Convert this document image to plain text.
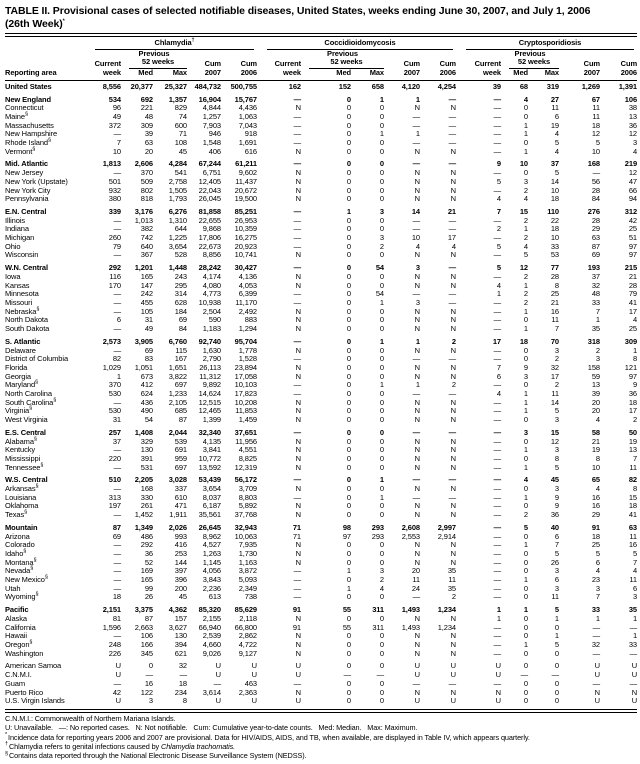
TABLE II. Provisional cases of selected notifiable diseases, United States, weeks ending June 30, 2007, and July 1, 2006
(26th Week)*

	Chlamydia†					Coccidioidomycosis					Cryptosporidiosis				

		Previous					Previous					Previous			
	Current	52 weeks		Cum	Cum	Current	52 weeks		Cum	Cum	Current	52 weeks		Cum	Cum
Reporting area	week	Med	Max	2007	2006	week	Med	Max	2007	2006	week	Med	Max	2007	2006
United States	8,556	20,377	25,327	484,732	500,755	162	152	658	4,120	4,254	39	68	319	1,269	1,391
New England	534	692	1,357	16,904	15,767	—	0	1	1	—	—	4	27	67	106
Connecticut	96	221	829	4,844	4,436	N	0	0	N	N	—	0	11	11	38
Maine§	49	48	74	1,257	1,063	—	0	0	—	—	—	0	6	11	13
Massachusetts	372	309	600	7,903	7,043	—	0	0	—	—	—	1	19	18	36
New Hampshire	—	39	71	946	918	—	0	1	1	—	—	1	4	12	12
Rhode Island§	7	63	108	1,548	1,691	—	0	0	—	—	—	0	5	5	3
Vermont§	10	20	45	406	616	N	0	0	N	N	—	1	4	10	4
Mid. Atlantic	1,813	2,606	4,284	67,244	61,211	—	0	0	—	—	9	10	37	168	219
New Jersey	—	370	541	6,751	9,602	N	0	0	N	N	—	0	5	—	12
New York (Upstate)	501	509	2,758	12,405	11,437	N	0	0	N	N	5	3	14	56	47
New York City	932	802	1,505	22,043	20,672	N	0	0	N	N	—	2	10	28	66
Pennsylvania	380	818	1,793	26,045	19,500	N	0	0	N	N	4	4	18	84	94
E.N. Central	339	3,176	6,276	81,858	85,251	—	1	3	14	21	7	15	110	276	312
Illinois	—	1,013	1,310	22,655	26,953	—	0	0	—	—	—	2	22	28	42
Indiana	—	382	644	9,868	10,359	—	0	0	—	—	2	1	18	29	25
Michigan	260	742	1,225	17,806	16,275	—	0	3	10	17	—	2	10	63	51
Ohio	79	640	3,654	22,673	20,923	—	0	2	4	4	5	4	33	87	97
Wisconsin	—	367	528	8,856	10,741	N	0	0	N	N	—	5	53	69	97
W.N. Central	292	1,201	1,448	28,242	30,427	—	0	54	3	—	5	12	77	193	215
Iowa	116	165	243	4,174	4,136	N	0	0	N	N	—	2	28	37	21
Kansas	170	147	295	4,080	4,053	N	0	0	N	N	4	1	8	32	28
Minnesota	—	242	314	4,773	6,399	—	0	54	—	—	1	2	25	48	79
Missouri	—	455	628	10,938	11,170	—	0	1	3	—	—	2	21	33	41
Nebraska§	—	105	184	2,504	2,492	N	0	0	N	N	—	1	16	7	17
North Dakota	6	31	69	590	883	N	0	0	N	N	—	0	11	1	4
South Dakota	—	49	84	1,183	1,294	N	0	0	N	N	—	1	7	35	25
S. Atlantic	2,573	3,905	6,760	92,740	95,704	—	0	1	1	2	17	18	70	318	309
Delaware	—	69	115	1,630	1,778	N	0	0	N	N	—	0	3	2	1
District of Columbia	82	83	167	2,790	1,528	—	0	0	—	—	—	0	2	3	8
Florida	1,029	1,051	1,651	26,113	23,894	N	0	0	N	N	7	9	32	158	121
Georgia	1	673	3,822	11,312	17,058	N	0	0	N	N	6	3	17	59	97
Maryland§	370	412	697	9,892	10,103	—	0	1	1	2	—	0	2	13	9
North Carolina	530	624	1,233	14,624	17,823	—	0	0	—	—	4	1	11	39	36
South Carolina§	—	436	2,105	12,515	10,208	N	0	0	N	N	—	1	14	20	18
Virginia§	530	490	685	12,465	11,853	N	0	0	N	N	—	1	5	20	17
West Virginia	31	54	87	1,399	1,459	N	0	0	N	N	—	0	3	4	2
E.S. Central	257	1,408	2,044	32,340	37,651	—	0	0	—	—	—	3	15	58	50
Alabama§	37	329	539	4,135	11,956	N	0	0	N	N	—	0	12	21	19
Kentucky	—	130	691	3,841	4,551	N	0	0	N	N	—	1	3	19	13
Mississippi	220	391	959	10,772	8,825	N	0	0	N	N	—	0	8	8	7
Tennessee§	—	531	697	13,592	12,319	N	0	0	N	N	—	1	5	10	11
W.S. Central	510	2,205	3,028	53,439	56,172	—	0	1	—	—	—	4	45	65	82
Arkansas§	—	168	337	3,654	3,709	N	0	0	N	N	—	0	3	4	8
Louisiana	313	330	610	8,037	8,803	—	0	1	—	—	—	1	9	16	15
Oklahoma	197	261	471	6,187	5,892	N	0	0	N	N	—	0	9	16	18
Texas§	—	1,452	1,911	35,561	37,768	N	0	0	N	N	—	2	36	29	41
Mountain	87	1,349	2,026	26,645	32,943	71	98	293	2,608	2,997	—	5	40	91	63
Arizona	69	486	993	8,962	10,063	71	97	293	2,553	2,914	—	0	6	18	11
Colorado	—	292	416	4,527	7,935	N	0	0	N	N	—	1	7	25	16
Idaho§	—	36	253	1,263	1,730	N	0	0	N	N	—	0	5	5	5
Montana§	—	52	144	1,145	1,163	N	0	0	N	N	—	0	26	6	7
Nevada§	—	169	397	4,056	3,872	—	1	3	20	35	—	0	3	4	4
New Mexico§	—	165	396	3,843	5,093	—	0	2	11	11	—	1	6	23	11
Utah	—	99	200	2,236	2,349	—	1	4	24	35	—	0	3	3	6
Wyoming§	18	26	45	613	738	—	0	0	—	2	—	0	11	7	3
Pacific	2,151	3,375	4,362	85,320	85,629	91	55	311	1,493	1,234	1	1	5	33	35
Alaska	81	87	157	2,155	2,118	N	0	0	N	N	1	0	1	1	1
California	1,596	2,663	3,627	66,940	66,800	91	55	311	1,493	1,234	—	0	0	—	—
Hawaii	—	106	130	2,539	2,862	N	0	0	N	N	—	0	1	—	1
Oregon§	248	166	394	4,660	4,722	N	0	0	N	N	—	1	5	32	33
Washington	226	345	621	9,026	9,127	N	0	0	N	N	—	0	0	—	—
American Samoa	U	0	32	U	U	U	0	0	U	U	U	0	0	U	U
C.N.M.I.	U	—	—	U	U	U	—	—	U	U	U	—	—	U	U
Guam	—	16	18	—	463	—	0	0	—	—	—	0	0	—	—
Puerto Rico	42	122	234	3,614	2,363	N	0	0	N	N	N	0	0	N	N
U.S. Virgin Islands	U	3	8	U	U	U	0	0	U	U	U	0	0	U	U
C.N.M.I.: Commonwealth of Northern Mariana Islands.
U: Unavailable.   —: No reported cases.   N: Not notifiable.   Cum: Cumulative year-to-date counts.   Med: Median.   Max: Maximum.
*Incidence data for reporting years 2006 and 2007 are provisional. Data for HIV/AIDS, AIDS, and TB, when available, are displayed in Table IV, which appears quarterly.
†Chlamydia refers to genital infections caused by Chlamydia trachomatis.
§Contains data reported through the National Electronic Disease Surveillance System (NEDSS).
